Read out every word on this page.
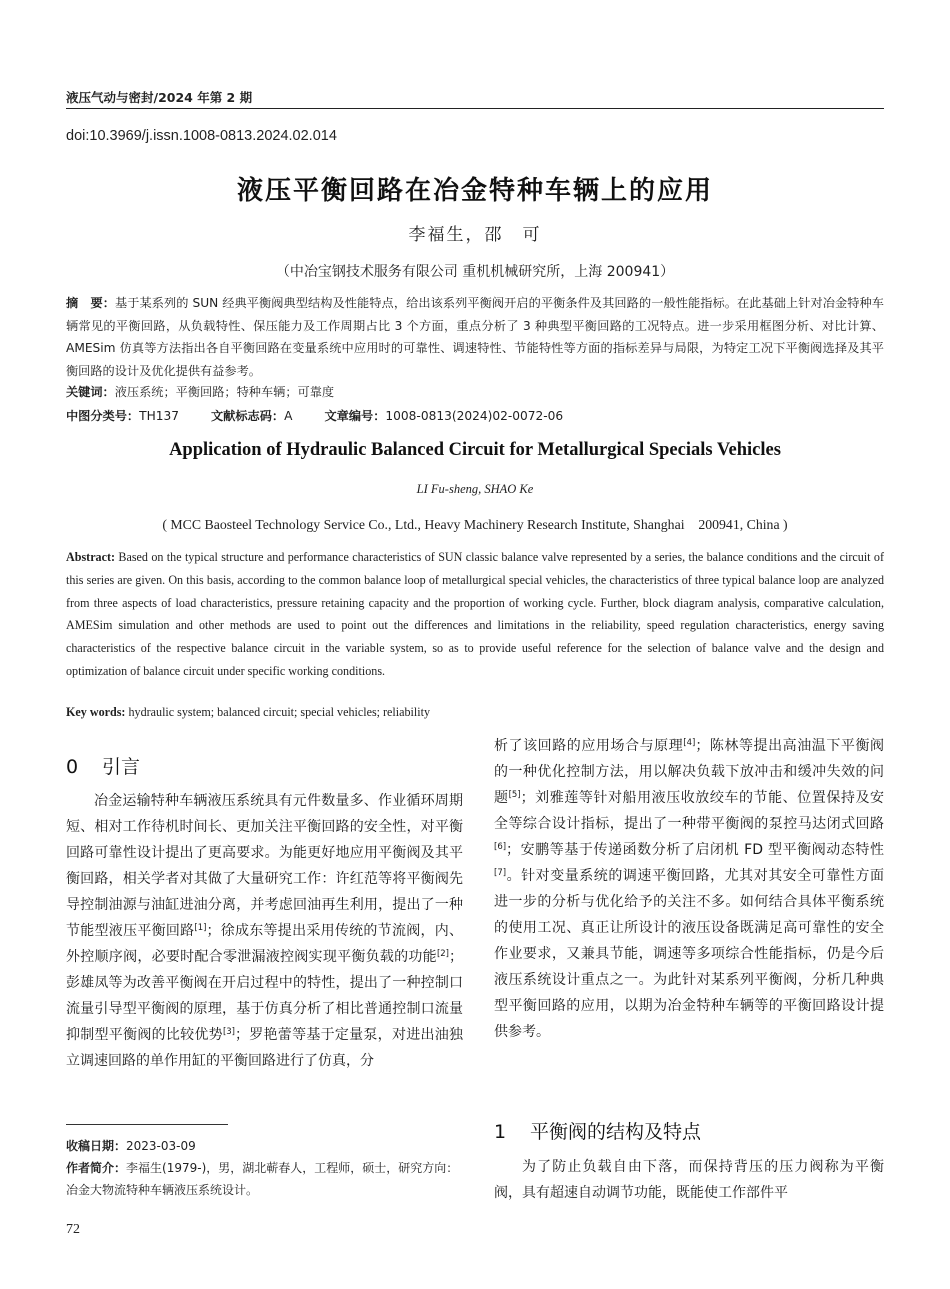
液压气动与密封/2024 年第 2 期
doi:10.3969/j.issn.1008-0813.2024.02.014
液压平衡回路在冶金特种车辆上的应用
李福生，邵　可
（中冶宝钢技术服务有限公司 重机机械研究所，上海 200941）
摘　要：基于某系列的 SUN 经典平衡阀典型结构及性能特点，给出该系列平衡阀开启的平衡条件及其回路的一般性能指标。在此基础上针对冶金特种车辆常见的平衡回路，从负载特性、保压能力及工作周期占比 3 个方面，重点分析了 3 种典型平衡回路的工况特点。进一步采用框图分析、对比计算、AMESim 仿真等方法指出各自平衡回路在变量系统中应用时的可靠性、调速特性、节能特性等方面的指标差异与局限，为特定工况下平衡阀选择及其平衡回路的设计及优化提供有益参考。
关键词：液压系统；平衡回路；特种车辆；可靠度
中图分类号：TH137	文献标志码：A	文章编号：1008-0813(2024)02-0072-06
Application of Hydraulic Balanced Circuit for Metallurgical Specials Vehicles
LI Fu-sheng, SHAO Ke
( MCC Baosteel Technology Service Co., Ltd., Heavy Machinery Research Institute, Shanghai　200941, China )
Abstract: Based on the typical structure and performance characteristics of SUN classic balance valve represented by a series, the balance conditions and the circuit of this series are given. On this basis, according to the common balance loop of metallurgical special vehicles, the characteristics of three typical balance loop are analyzed from three aspects of load characteristics, pressure retaining capacity and the proportion of working cycle. Further, block diagram analysis, comparative calculation, AMESim simulation and other methods are used to point out the differences and limitations in the reliability, speed regulation characteristics, energy saving characteristics of the respective balance circuit in the variable system, so as to provide useful reference for the selection of balance valve and the design and optimization of balance circuit under specific working conditions.
Key words: hydraulic system; balanced circuit; special vehicles; reliability
0 引言

冶金运输特种车辆液压系统具有元件数量多、作业循环周期短、相对工作待机时间长、更加关注平衡回路的安全性，对平衡回路可靠性设计提出了更高要求。为能更好地应用平衡阀及其平衡回路，相关学者对其做了大量研究工作：许红范等将平衡阀先导控制油源与油缸进油分离，并考虑回油再生利用，提出了一种节能型液压平衡回路[1]；徐成东等提出采用传统的节流阀，内、外控顺序阀，必要时配合零泄漏液控阀实现平衡负载的功能[2]；彭雄凤等为改善平衡阀在开启过程中的特性，提出了一种控制口流量引导型平衡阀的原理，基于仿真分析了相比普通控制口流量抑制型平衡阀的比较优势[3]；罗艳蕾等基于定量泵，对进出油独立调速回路的单作用缸的平衡回路进行了仿真，分

析了该回路的应用场合与原理[4]；陈林等提出高油温下平衡阀的一种优化控制方法，用以解决负载下放冲击和缓冲失效的问题[5]；刘雅莲等针对船用液压收放绞车的节能、位置保持及安全等综合设计指标，提出了一种带平衡阀的泵控马达闭式回路[6]；安鹏等基于传递函数分析了启闭机 FD 型平衡阀动态特性[7]。针对变量系统的调速平衡回路，尤其对其安全可靠性方面进一步的分析与优化给予的关注不多。如何结合具体平衡系统的使用工况、真正让所设计的液压设备既满足高可靠性的安全作业要求，又兼具节能，调速等多项综合性能指标，仍是今后液压系统设计重点之一。为此针对某系列平衡阀，分析几种典型平衡回路的应用，以期为冶金特种车辆等的平衡回路设计提供参考。

1 平衡阀的结构及特点

为了防止负载自由下落，而保持背压的压力阀称为平衡阀，具有超速自动调节功能，既能使工作部件平

收稿日期：2023-03-09
作者简介：李福生(1979-)，男，湖北蕲春人，工程师，硕士，研究方向：冶金大物流特种车辆液压系统设计。
72
